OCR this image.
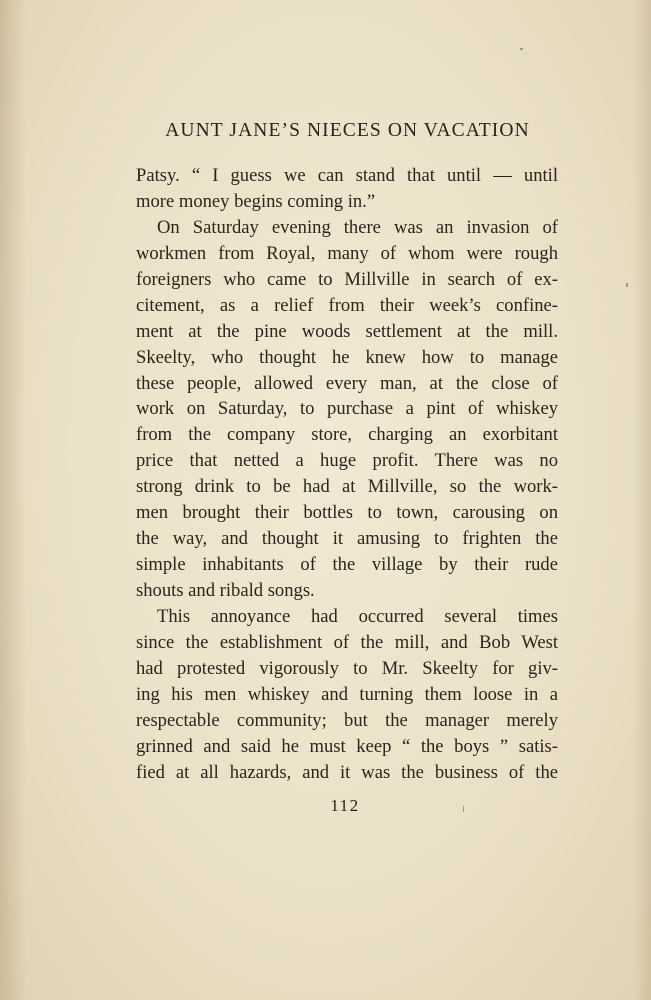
AUNT JANE’S NIECES ON VACATION
Patsy. “ I guess we can stand that until — until
more money begins coming in.”
On Saturday evening there was an invasion of
workmen from Royal, many of whom were rough
foreigners who came to Millville in search of ex-
citement, as a relief from their week’s confine-
ment at the pine woods settlement at the mill.
Skeelty, who thought he knew how to manage
these people, allowed every man, at the close of
work on Saturday, to purchase a pint of whiskey
from the company store, charging an exorbitant
price that netted a huge profit. There was no
strong drink to be had at Millville, so the work-
men brought their bottles to town, carousing on
the way, and thought it amusing to frighten the
simple inhabitants of the village by their rude
shouts and ribald songs.
This annoyance had occurred several times
since the establishment of the mill, and Bob West
had protested vigorously to Mr. Skeelty for giv-
ing his men whiskey and turning them loose in a
respectable community; but the manager merely
grinned and said he must keep “ the boys ” satis-
fied at all hazards, and it was the business of the
112
